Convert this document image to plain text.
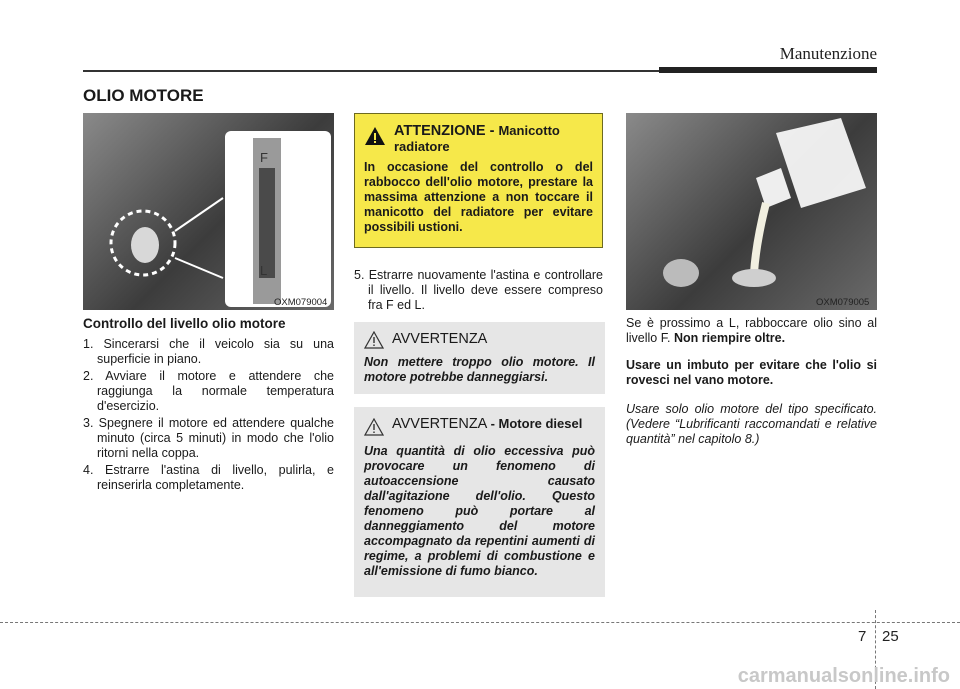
Manutenzione
OLIO MOTORE
F
L
OXM079004
Controllo del livello olio motore
1. Sincerarsi che il veicolo sia su una superficie in piano.
2. Avviare il motore e attendere che raggiunga la normale temperatura d'esercizio.
3. Spegnere il motore ed attendere qualche minuto (circa 5 minuti) in modo che l'olio ritorni nella coppa.
4. Estrarre l'astina di livello, pulirla, e reinserirla completamente.
ATTENZIONE - Manicotto radiatore
In occasione del controllo o del rabbocco dell'olio motore, prestare la massima attenzione a non toccare il manicotto del radiatore per evitare possibili ustioni.
5. Estrarre nuovamente l'astina e controllare il livello. Il livello deve essere compreso fra F ed L.
AVVERTENZA
Non mettere troppo olio motore. Il motore potrebbe danneggiarsi.
AVVERTENZA - Motore diesel
Una quantità di olio eccessiva può provocare un fenomeno di autoaccensione causato dall'agitazione dell'olio. Questo fenomeno può portare al danneggiamento del motore accompagnato da repentini aumenti di regime, a problemi di combustione e all'emissione di fumo bianco.
OXM079005

Se è prossimo a L, rabboccare olio sino al livello F. Non riempire oltre.

Usare un imbuto per evitare che l'olio si rovesci nel vano motore.

Usare solo olio motore del tipo specificato. (Vedere “Lubrificanti raccomandati e relative quantità” nel capitolo 8.)

7 25
carmanualsonline.info
